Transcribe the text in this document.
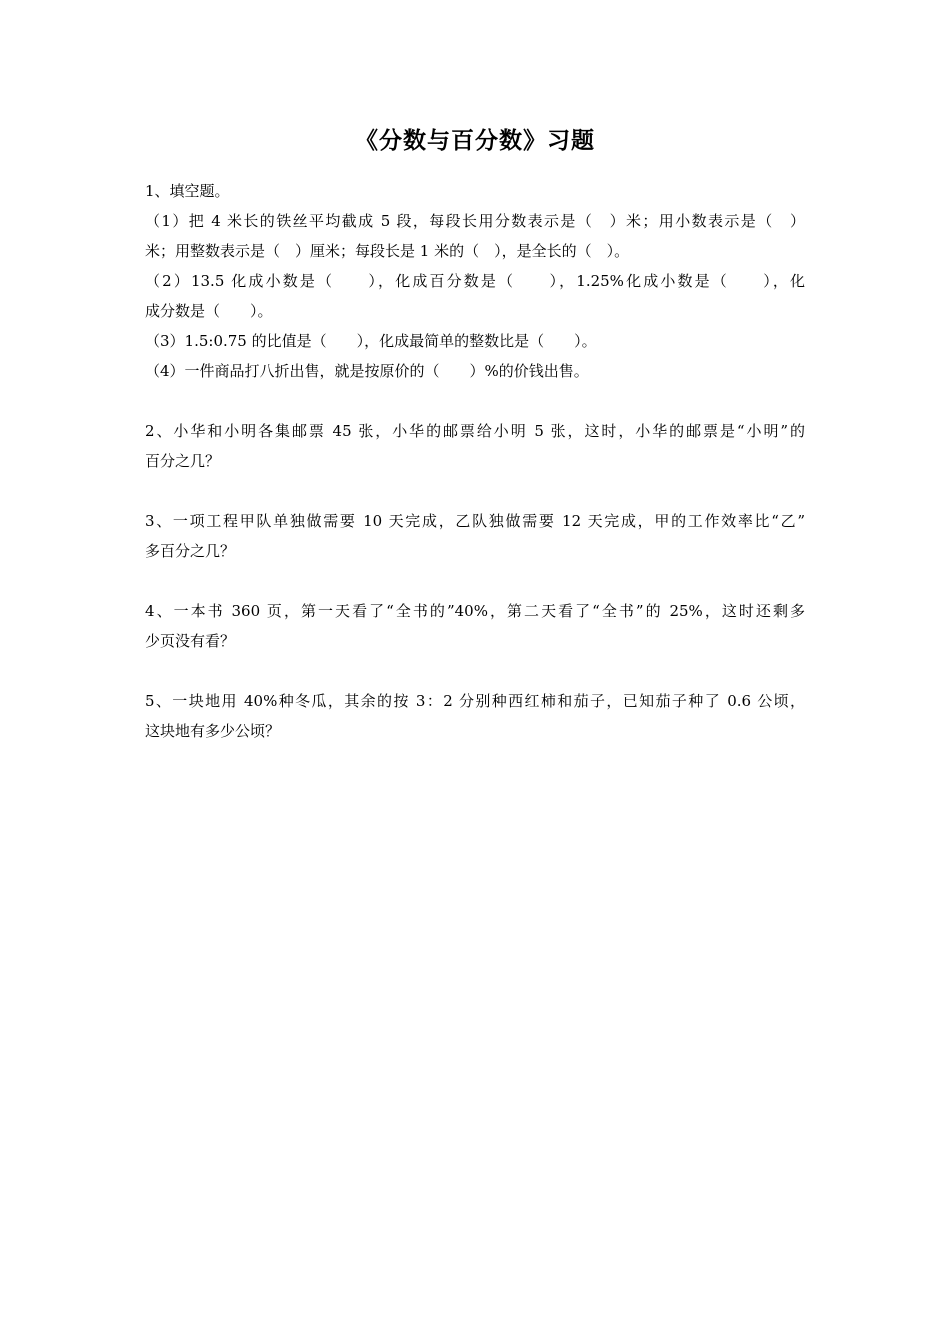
《分数与百分数》习题
1、填空题。
（1）把 4 米长的铁丝平均截成 5 段，每段长用分数表示是（　）米；用小数表示是（　）
米；用整数表示是（　）厘米；每段长是 1 米的（　），是全长的（　）。
（2）13.5 化成小数是（　　），化成百分数是（　　），1.25%化成小数是（　　），化
成分数是（　　）。
（3）1.5:0.75 的比值是（　　），化成最简单的整数比是（　　）。
（4）一件商品打八折出售，就是按原价的（　　）%的价钱出售。
2、小华和小明各集邮票 45 张，小华的邮票给小明 5 张，这时，小华的邮票是“小明”的
百分之几？
3、一项工程甲队单独做需要 10 天完成，乙队独做需要 12 天完成，甲的工作效率比“乙”
多百分之几？
4、一本书 360 页，第一天看了“全书的”40%，第二天看了“全书”的 25%，这时还剩多
少页没有看？
5、一块地用 40%种冬瓜，其余的按 3：2 分别种西红柿和茄子，已知茄子种了 0.6 公顷，
这块地有多少公顷？
